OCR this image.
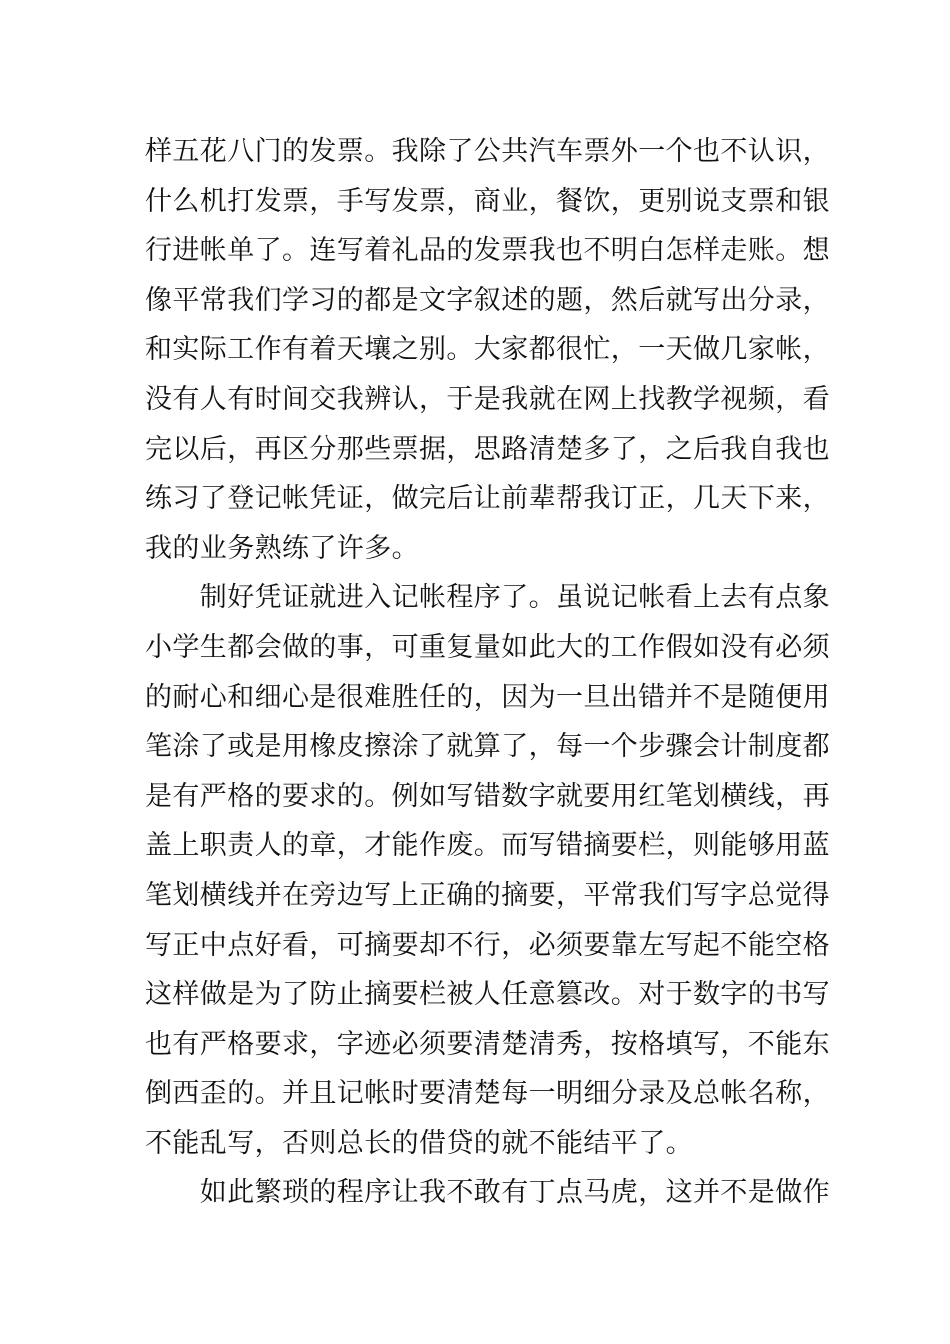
样五花八门的发票。我除了公共汽车票外一个也不认识，
什么机打发票，手写发票，商业，餐饮，更别说支票和银
行进帐单了。连写着礼品的发票我也不明白怎样走账。想
像平常我们学习的都是文字叙述的题，然后就写出分录，
和实际工作有着天壤之别。大家都很忙，一天做几家帐，
没有人有时间交我辨认，于是我就在网上找教学视频，看
完以后，再区分那些票据，思路清楚多了，之后我自我也
练习了登记帐凭证，做完后让前辈帮我订正，几天下来，
我的业务熟练了许多。
　　制好凭证就进入记帐程序了。虽说记帐看上去有点象
小学生都会做的事，可重复量如此大的工作假如没有必须
的耐心和细心是很难胜任的，因为一旦出错并不是随便用
笔涂了或是用橡皮擦涂了就算了，每一个步骤会计制度都
是有严格的要求的。例如写错数字就要用红笔划横线，再
盖上职责人的章，才能作废。而写错摘要栏，则能够用蓝
笔划横线并在旁边写上正确的摘要，平常我们写字总觉得
写正中点好看，可摘要却不行，必须要靠左写起不能空格
这样做是为了防止摘要栏被人任意篡改。对于数字的书写
也有严格要求，字迹必须要清楚清秀，按格填写，不能东
倒西歪的。并且记帐时要清楚每一明细分录及总帐名称，
不能乱写，否则总长的借贷的就不能结平了。
　　如此繁琐的程序让我不敢有丁点马虎，这并不是做作
